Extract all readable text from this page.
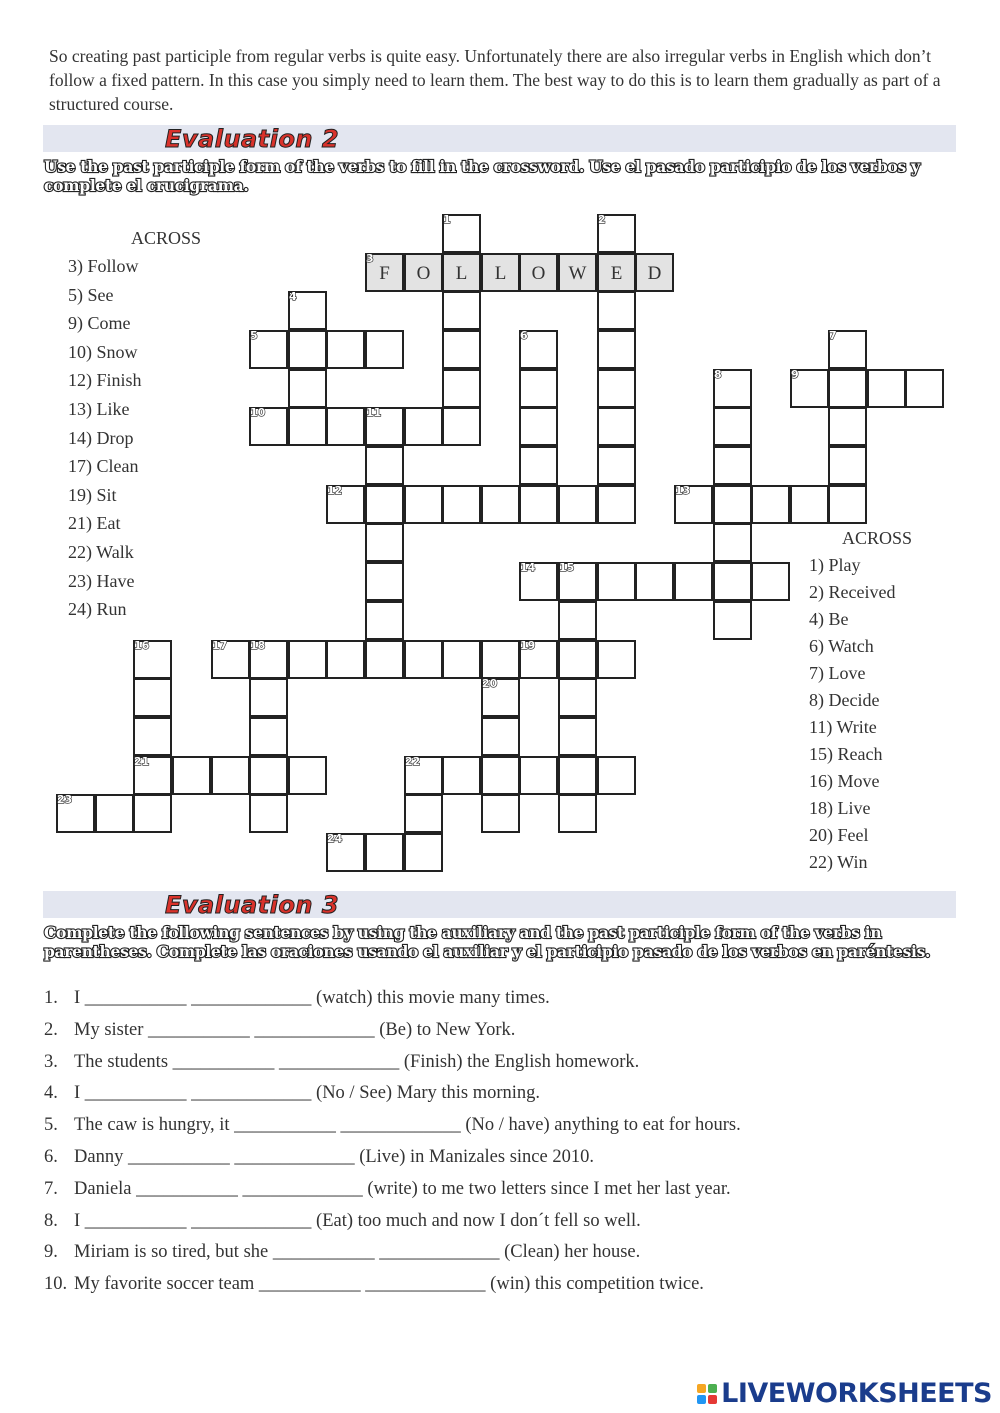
So creating past participle from regular verbs is quite easy. Unfortunately there are also irregular verbs in English which don’t follow a fixed pattern. In this case you simply need to learn them. The best way to do this is to learn them gradually as part of a structured course.

Evaluation 2
Use the past participle form of the verbs to fill in the crossword. Use el pasado participio de los verbos y complete el crucigrama.
F
3
O	L	L	O	W	E	D
1	2
4
5	6	7
8	9
10	11
12	13
14 15
16
21
17 18	19
20
22
23
24
ACROSS
3) Follow
5) See
9) Come
10) Snow
12) Finish
13) Like
14) Drop
17) Clean
19) Sit
21) Eat
22) Walk
23) Have
24) Run
ACROSS
1) Play
2) Received
4) Be
6) Watch
7) Love
8) Decide
11) Write
15) Reach
16) Move
18) Live
20) Feel
22) Win
Evaluation 3
Complete the following sentences by using the auxiliary and the past participle form of the verbs in parentheses. Complete las oraciones usando el auxiliar y el participio pasado de los verbos en paréntesis.
1. I ___________ _____________ (watch) this movie many times.
2. My sister ___________ _____________ (Be) to New York.
3. The students ___________ _____________ (Finish) the English homework.
4. I ___________ _____________ (No / See) Mary this morning.
5. The caw is hungry, it ___________ _____________ (No / have) anything to eat for hours.
6. Danny ___________ _____________ (Live) in Manizales since 2010.
7. Daniela ___________ _____________ (write) to me two letters since I met her last year.
8. I ___________ _____________ (Eat) too much and now I don´t fell so well.
9. Miriam is so tired, but she ___________ _____________ (Clean) her house.
10. My favorite soccer team ___________ _____________ (win) this competition twice.
LIVEWORKSHEETS
